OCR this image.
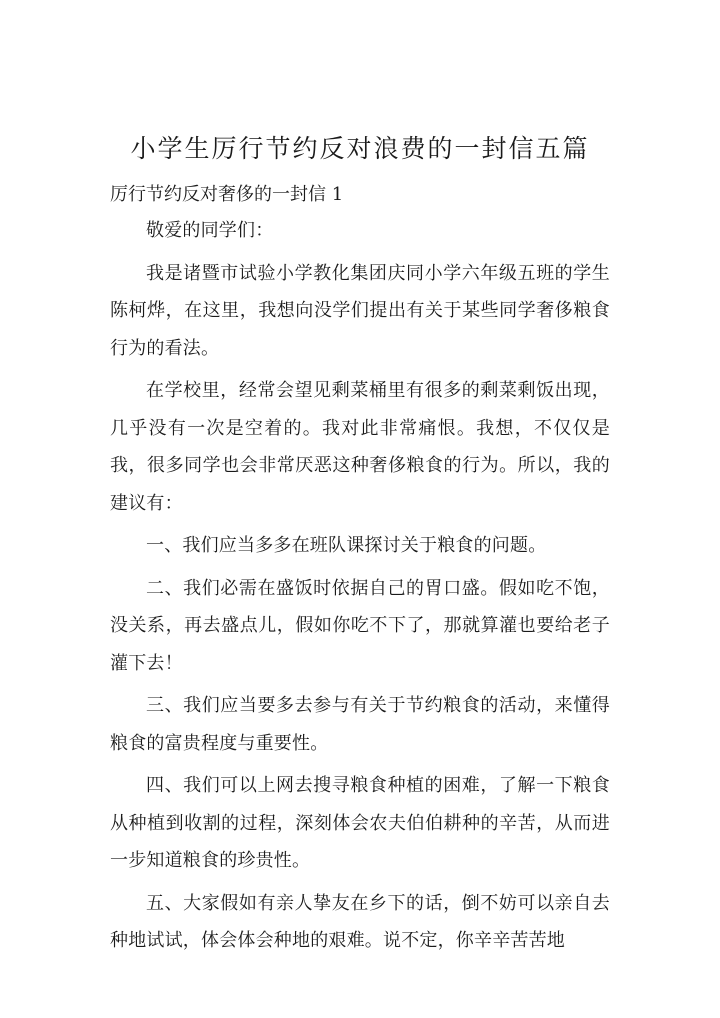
小学生厉行节约反对浪费的一封信五篇
厉行节约反对奢侈的一封信 1

敬爱的同学们：

我是诸暨市试验小学教化集团庆同小学六年级五班的学生陈柯烨，在这里，我想向没学们提出有关于某些同学奢侈粮食行为的看法。

在学校里，经常会望见剩菜桶里有很多的剩菜剩饭出现，几乎没有一次是空着的。我对此非常痛恨。我想，不仅仅是我，很多同学也会非常厌恶这种奢侈粮食的行为。所以，我的建议有：

一、我们应当多多在班队课探讨关于粮食的问题。

二、我们必需在盛饭时依据自己的胃口盛。假如吃不饱，没关系，再去盛点儿，假如你吃不下了，那就算灌也要给老子灌下去！

三、我们应当要多去参与有关于节约粮食的活动，来懂得粮食的富贵程度与重要性。

四、我们可以上网去搜寻粮食种植的困难，了解一下粮食从种植到收割的过程，深刻体会农夫伯伯耕种的辛苦，从而进一步知道粮食的珍贵性。

五、大家假如有亲人挚友在乡下的话，倒不妨可以亲自去种地试试，体会体会种地的艰难。说不定，你辛辛苦苦地
